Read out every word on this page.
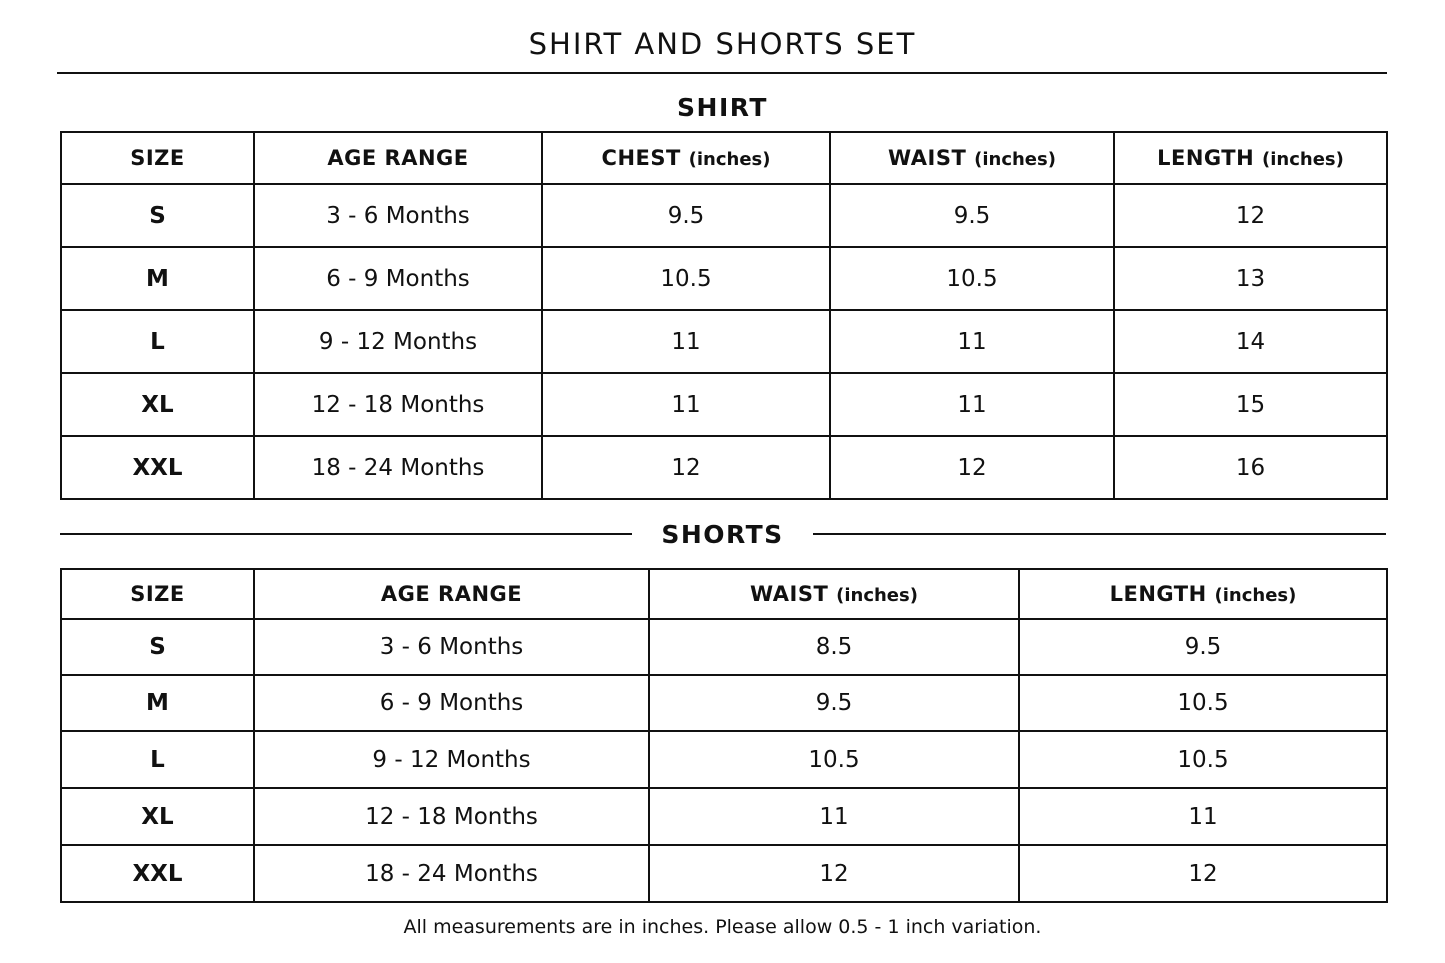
SHIRT AND SHORTS SET
SHIRT
SIZE	AGE RANGE	CHEST (inches)	WAIST (inches)	LENGTH (inches)
S	3 - 6 Months	9.5	9.5	12
M	6 - 9 Months	10.5	10.5	13
L	9 - 12 Months	11	11	14
XL	12 - 18 Months	11	11	15
XXL	18 - 24 Months	12	12	16
SHORTS
SIZE	AGE RANGE	WAIST (inches)	LENGTH (inches)
S	3 - 6 Months	8.5	9.5
M	6 - 9 Months	9.5	10.5
L	9 - 12 Months	10.5	10.5
XL	12 - 18 Months	11	11
XXL	18 - 24 Months	12	12
All measurements are in inches. Please allow 0.5 - 1 inch variation.
